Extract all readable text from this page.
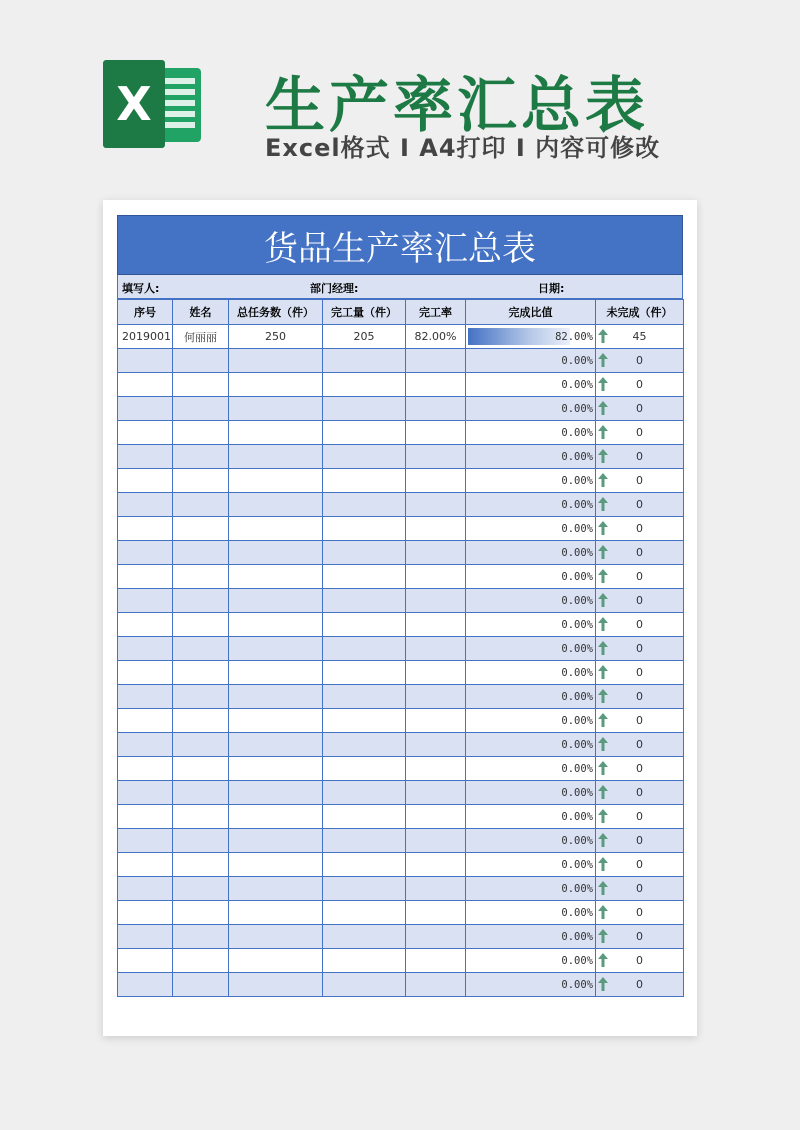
X 生产率汇总表
Excel格式 I A4打印 I 内容可修改
货品生产率汇总表
填写人:	部门经理:	日期:
序号	姓名	总任务数（件）	完工量（件）	完工率	完成比值	未完成（件）
2019001	何丽丽	250	205	82.00%	82.00%	45
					0.00%	0
					0.00%	0
					0.00%	0
					0.00%	0
					0.00%	0
					0.00%	0
					0.00%	0
					0.00%	0
					0.00%	0
					0.00%	0
					0.00%	0
					0.00%	0
					0.00%	0
					0.00%	0
					0.00%	0
					0.00%	0
					0.00%	0
					0.00%	0
					0.00%	0
					0.00%	0
					0.00%	0
					0.00%	0
					0.00%	0
					0.00%	0
					0.00%	0
					0.00%	0
					0.00%	0
